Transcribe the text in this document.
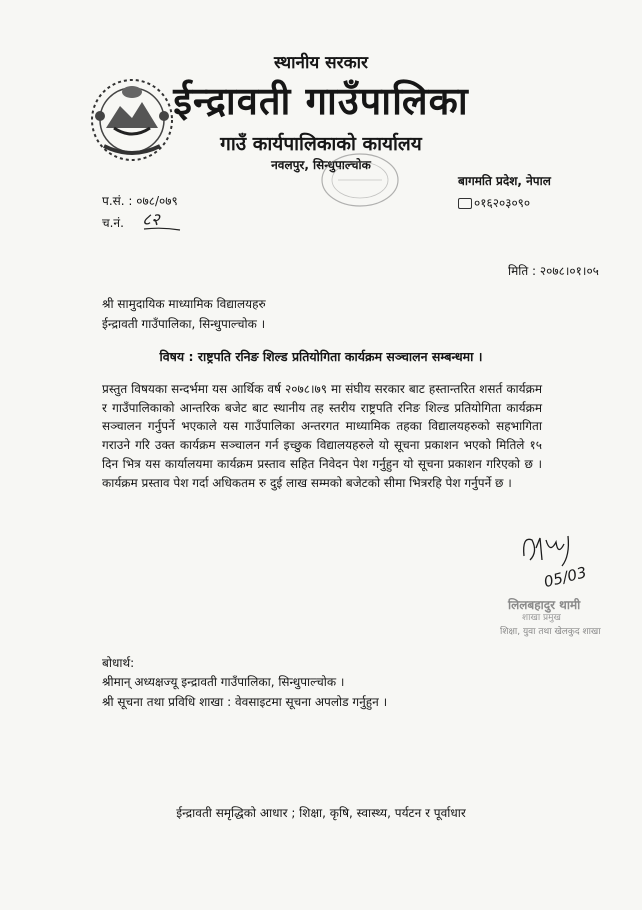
स्थानीय सरकार
ईन्द्रावती गाउँपालिका
गाउँ कार्यपालिकाको कार्यालय
नवलपुर, सिन्धुपाल्चोक
बागमति प्रदेश, नेपाल
०१६२०३०९०
प.सं. : ०७८/०७९
च.नं. ८२
मिति : २०७८।०१।०५
श्री सामुदायिक माध्यामिक विद्यालयहरु
ईन्द्रावती गाउँपालिका, सिन्धुपाल्चोक ।
विषय : राष्ट्रपति रनिङ शिल्ड प्रतियोगिता कार्यक्रम सञ्चालन सम्बन्धमा ।
प्रस्तुत विषयका सन्दर्भमा यस आर्थिक वर्ष २०७८।७९ मा संघीय सरकार बाट हस्तान्तरित शसर्त कार्यक्रम र गाउँपालिकाको आन्तरिक बजेट बाट स्थानीय तह स्तरीय राष्ट्रपति रनिङ शिल्ड प्रतियोगिता कार्यक्रम सञ्चालन गर्नुपर्ने भएकाले यस गाउँपालिका अन्तरगत माध्यामिक तहका विद्यालयहरुको सहभागिता गराउने गरि उक्त कार्यक्रम सञ्चालन गर्न इच्छुक विद्यालयहरुले यो सूचना प्रकाशन भएको मितिले १५ दिन भित्र यस कार्यालयमा कार्यक्रम प्रस्ताव सहित निवेदन पेश गर्नुहुन यो सूचना प्रकाशन गरिएको छ । कार्यक्रम प्रस्ताव पेश गर्दा अधिकतम रु दुई लाख सम्मको बजेटको सीमा भित्ररहि पेश गर्नुपर्ने छ ।
05/03
लिलबहादुर थामी
शाखा प्रमुख
शिक्षा, युवा तथा खेलकुद शाखा
बोधार्थ:
श्रीमान् अध्यक्षज्यू इन्द्रावती गाउँपालिका, सिन्धुपाल्चोक ।
श्री सूचना तथा प्रविधि शाखा : वेवसाइटमा सूचना अपलोड गर्नुहुन ।
ईन्द्रावती समृद्धिको आधार ; शिक्षा, कृषि, स्वास्थ्य, पर्यटन र पूर्वाधार
